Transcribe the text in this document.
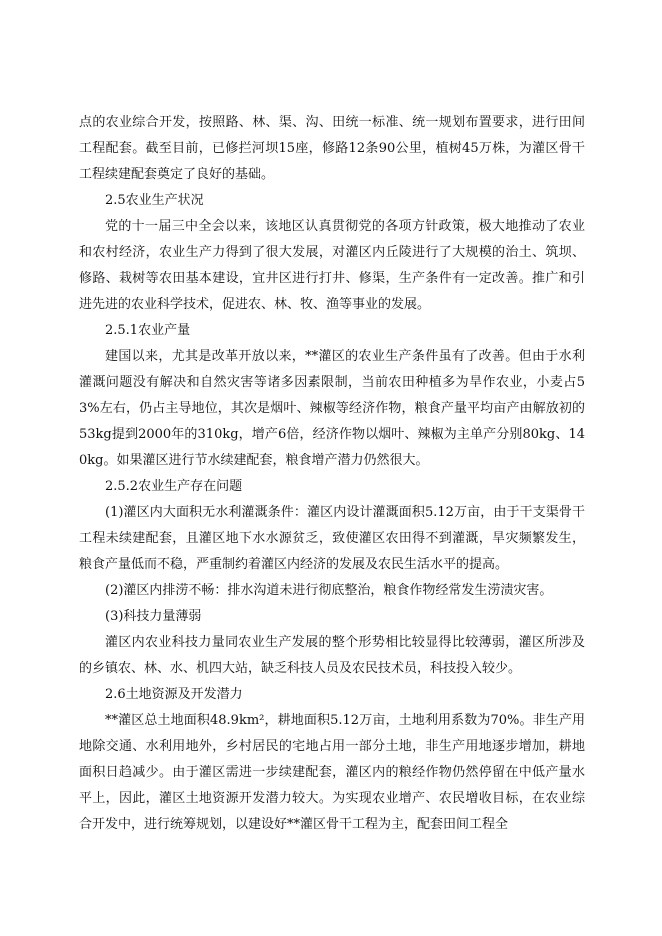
点的农业综合开发，按照路、林、渠、沟、田统一标准、统一规划布置要求，进行田间工程配套。截至目前，已修拦河坝15座，修路12条90公里，植树45万株，为灌区骨干工程续建配套奠定了良好的基础。

2.5农业生产状况

党的十一届三中全会以来，该地区认真贯彻党的各项方针政策，极大地推动了农业和农村经济，农业生产力得到了很大发展，对灌区内丘陵进行了大规模的治土、筑坝、修路、栽树等农田基本建设，宜井区进行打井、修渠，生产条件有一定改善。推广和引进先进的农业科学技术，促进农、林、牧、渔等事业的发展。

2.5.1农业产量

建国以来，尤其是改革开放以来，**灌区的农业生产条件虽有了改善。但由于水利灌溉问题没有解决和自然灾害等诸多因素限制，当前农田种植多为旱作农业，小麦占53%左右，仍占主导地位，其次是烟叶、辣椒等经济作物，粮食产量平均亩产由解放初的53kg提到2000年的310kg，增产6倍，经济作物以烟叶、辣椒为主单产分别80kg、140kg。如果灌区进行节水续建配套，粮食增产潜力仍然很大。

2.5.2农业生产存在问题

(1)灌区内大面积无水利灌溉条件：灌区内设计灌溉面积5.12万亩，由于干支渠骨干工程未续建配套，且灌区地下水水源贫乏，致使灌区农田得不到灌溉，旱灾频繁发生，粮食产量低而不稳，严重制约着灌区内经济的发展及农民生活水平的提高。

(2)灌区内排涝不畅：排水沟道未进行彻底整治，粮食作物经常发生涝渍灾害。

(3)科技力量薄弱

灌区内农业科技力量同农业生产发展的整个形势相比较显得比较薄弱，灌区所涉及的乡镇农、林、水、机四大站，缺乏科技人员及农民技术员，科技投入较少。

2.6土地资源及开发潜力

**灌区总土地面积48.9km²，耕地面积5.12万亩，土地利用系数为70%。非生产用地除交通、水利用地外，乡村居民的宅地占用一部分土地，非生产用地逐步增加，耕地面积日趋减少。由于灌区需进一步续建配套，灌区内的粮经作物仍然停留在中低产量水平上，因此，灌区土地资源开发潜力较大。为实现农业增产、农民增收目标，在农业综合开发中，进行统筹规划，以建设好**灌区骨干工程为主，配套田间工程全
